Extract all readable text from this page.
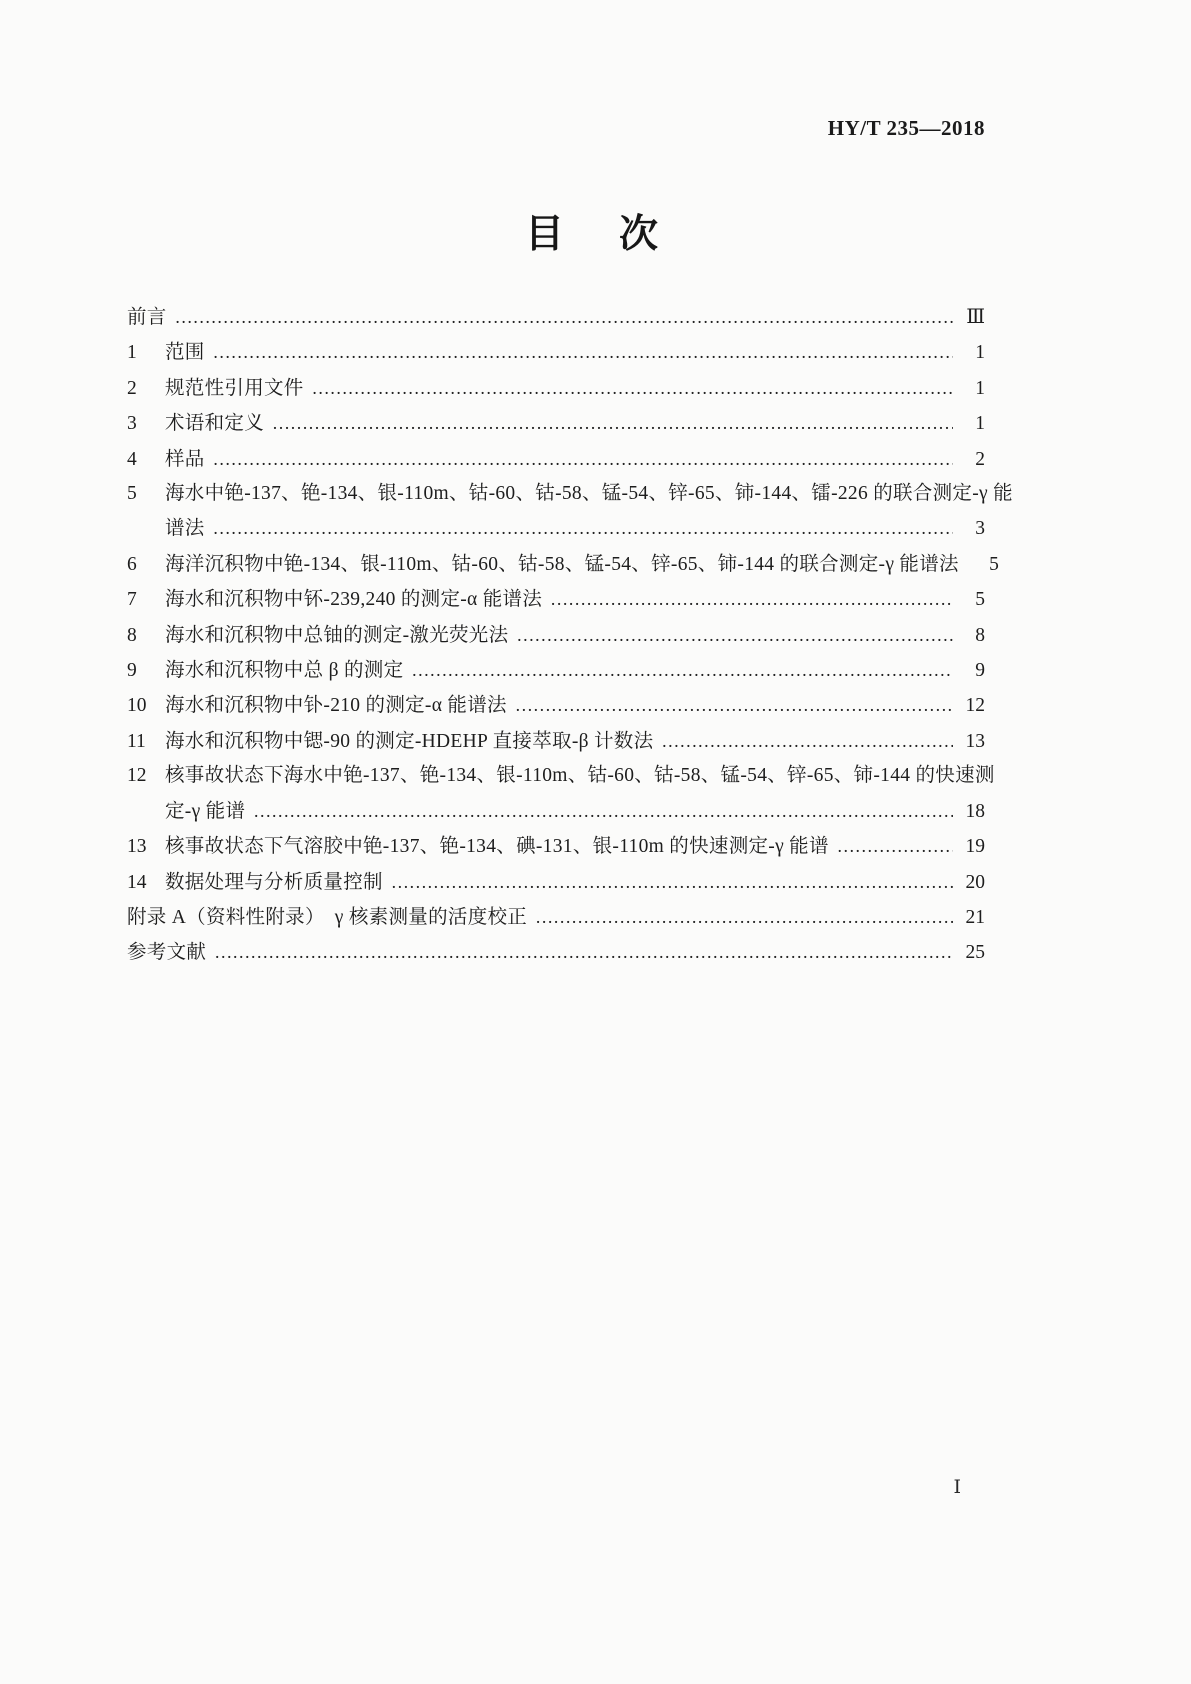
HY/T 235—2018
目　次
前言 …………………………………………………………………………………………………………………………………………………………	Ⅲ
1	范围 …………………………………………………………………………………………………………………………………………………………	1
2	规范性引用文件 …………………………………………………………………………………………………………………………………………………………	1
3	术语和定义 …………………………………………………………………………………………………………………………………………………………	1
4	样品 …………………………………………………………………………………………………………………………………………………………	2
5	海水中铯-137、铯-134、银-110m、钴-60、钴-58、锰-54、锌-65、铈-144、镭-226 的联合测定-γ 能
谱法 …………………………………………………………………………………………………………………………………………………………	3
6	海洋沉积物中铯-134、银-110m、钴-60、钴-58、锰-54、锌-65、铈-144 的联合测定-γ 能谱法	5
7	海水和沉积物中钚-239,240 的测定-α 能谱法 …………………………………………………………………………………………………………………………………………………………	5
8	海水和沉积物中总铀的测定-激光荧光法 …………………………………………………………………………………………………………………………………………………………	8
9	海水和沉积物中总 β 的测定 …………………………………………………………………………………………………………………………………………………………	9
10 海水和沉积物中钋-210 的测定-α 能谱法 …………………………………………………………………………………………………………………………………………………………	12
11 海水和沉积物中锶-90 的测定-HDEHP 直接萃取-β 计数法 …………………………………………………………………………………………………………………………………………………………	13
12 核事故状态下海水中铯-137、铯-134、银-110m、钴-60、钴-58、锰-54、锌-65、铈-144 的快速测
定-γ 能谱 …………………………………………………………………………………………………………………………………………………………	18
13 核事故状态下气溶胶中铯-137、铯-134、碘-131、银-110m 的快速测定-γ 能谱 …………………………………………………………………………………………………………………………………………………………	19
14 数据处理与分析质量控制 …………………………………………………………………………………………………………………………………………………………	20
附录 A（资料性附录）　γ 核素测量的活度校正 …………………………………………………………………………………………………………………………………………………………	21
参考文献 …………………………………………………………………………………………………………………………………………………………	25
Ⅰ
